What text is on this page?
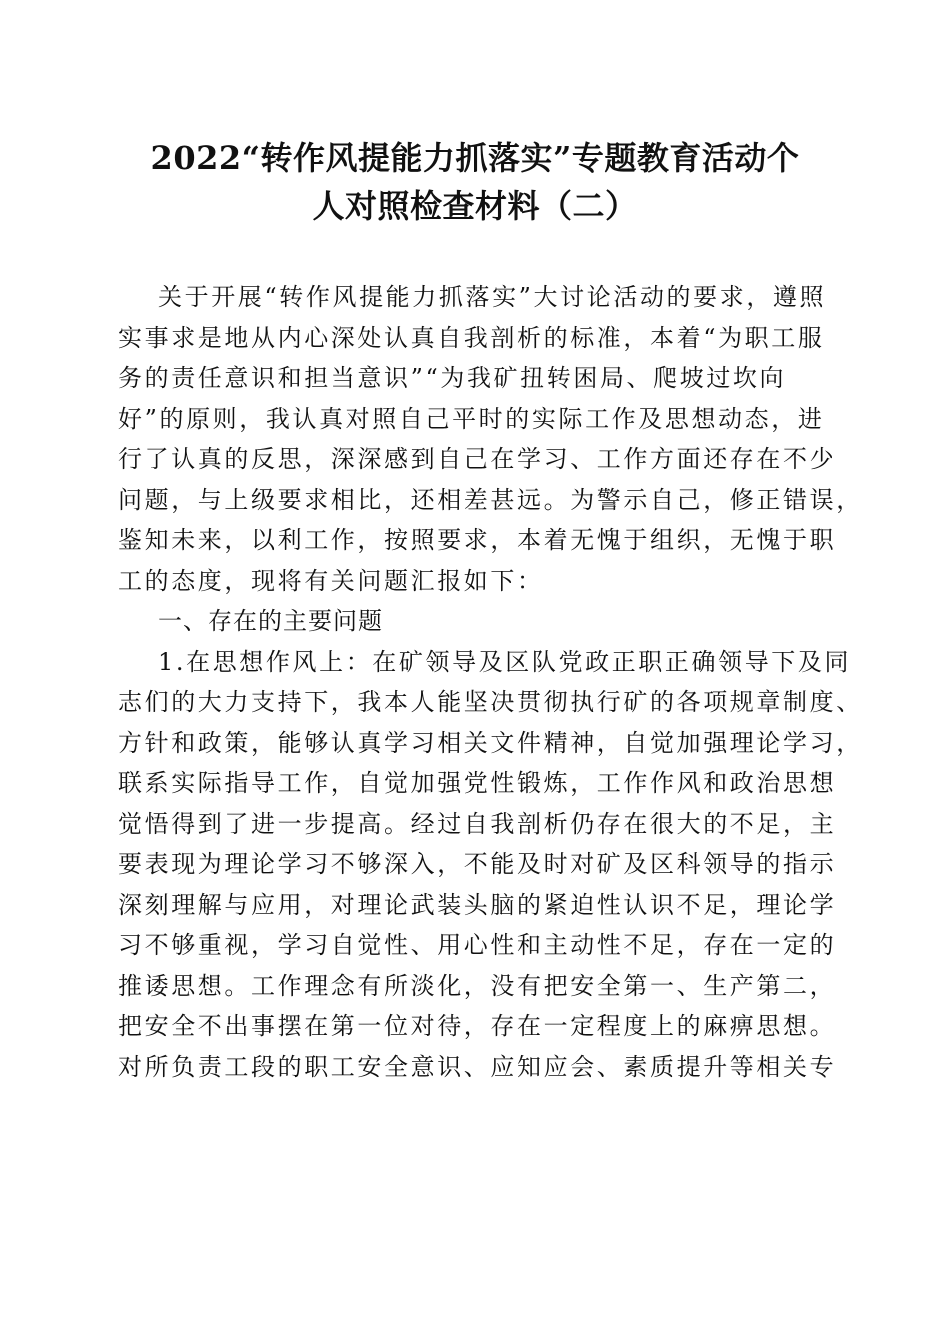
2022“转作风提能力抓落实”专题教育活动个
人对照检查材料（二）
关于开展“转作风提能力抓落实”大讨论活动的要求，遵照
实事求是地从内心深处认真自我剖析的标准，本着“为职工服
务的责任意识和担当意识”“为我矿扭转困局、爬坡过坎向
好”的原则，我认真对照自己平时的实际工作及思想动态，进
行了认真的反思，深深感到自己在学习、工作方面还存在不少
问题，与上级要求相比，还相差甚远。为警示自己，修正错误，
鉴知未来，以利工作，按照要求，本着无愧于组织，无愧于职
工的态度，现将有关问题汇报如下：
一、存在的主要问题
1.在思想作风上：在矿领导及区队党政正职正确领导下及同
志们的大力支持下，我本人能坚决贯彻执行矿的各项规章制度、
方针和政策，能够认真学习相关文件精神，自觉加强理论学习，
联系实际指导工作，自觉加强党性锻炼，工作作风和政治思想
觉悟得到了进一步提高。经过自我剖析仍存在很大的不足，主
要表现为理论学习不够深入，不能及时对矿及区科领导的指示
深刻理解与应用，对理论武装头脑的紧迫性认识不足，理论学
习不够重视，学习自觉性、用心性和主动性不足，存在一定的
推诿思想。工作理念有所淡化，没有把安全第一、生产第二，
把安全不出事摆在第一位对待，存在一定程度上的麻痹思想。
对所负责工段的职工安全意识、应知应会、素质提升等相关专
